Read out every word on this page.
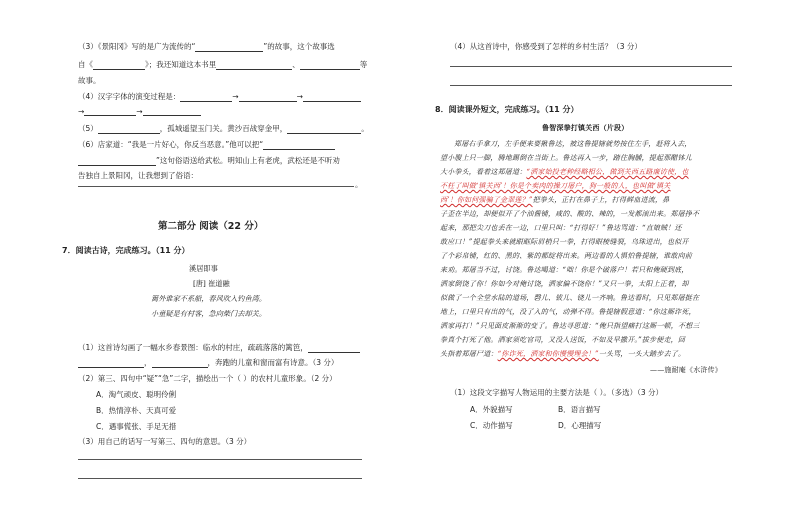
（3）《景阳冈》写的是广为流传的“	”的故事，这个故事选
自《	》；我还知道这本书里	、	等
故事。
（4）汉字字体的演变过程是：	→	→
→	→
（5）	，孤城遥望玉门关。黄沙百战穿金甲，	。
（6）店家道：“我是一片好心，你反当恶意。”他可以把“
”这句俗语送给武松。明知山上有老虎，武松还是不听劝
告独自上景阳冈，让我想到了俗语：
。
第二部分 阅读（22 分）
7．阅读古诗，完成练习。（11 分）
溪居即事
[唐] 崔道融
篱外谁家不系船，春风吹入钓鱼湾。
小童疑是有村客，急向柴门去却关。
（1）这首诗勾画了一幅水乡春景图：临水的村庄，疏疏落落的篱笆，
，	，奔跑的儿童和窗而富有诗意。（3 分）
（2）第三、四句中“疑”“急”二字，描绘出一个（ ）的农村儿童形象。（2 分）
A．淘气顽皮、聪明伶俐
B．热情淳朴、天真可爱
C．遇事慌张、手足无措
（3）用自己的话写一写第三、四句的意思。（3 分）
（4）从这首诗中，你感受到了怎样的乡村生活？（3 分）
8．阅读课外短文，完成练习。（11 分）
鲁智深拳打镇关西（片段）
郑屠右手拿刀，左手便来要揪鲁达，被这鲁提辖就势按住左手，赶将入去，
望小腹上只一脚，腾地踢倒在当街上。鲁达再入一步，踏住胸脯，提起那醋钵儿
大小拳头，看着这郑屠道：“洒家始投老种经略相公，做到关西五路廉访使，也
不枉了叫做‘镇关西’！你是个卖肉的操刀屠户，狗一般的人，也叫做‘镇关
西’！你如何强骗了金翠莲？”把拳头，正打在鼻子上，打得鲜血迸流，鼻
子歪在半边，却便似开了个油酱铺，咸的、酸的、辣的，一发都滚出来。郑屠挣不
起来，那把尖刀也丢在一边，口里只叫：“打得好！”鲁达骂道：“直娘贼！还
敢应口！”提起拳头来就眼眶际眉梢只一拳，打得眼棱缝裂，乌珠迸出，也似开
了个彩帛铺，红的、黑的、紫的都绽将出来。两边看的人惧怕鲁提辖，谁敢向前
来劝。郑屠当不过，讨饶。鲁达喝道：“咄！你是个破落户！若只和俺硬到底，
洒家倒饶了你！你如今对俺讨饶，洒家偏不饶你！”又只一拳，太阳上正着，却
似做了一个全堂水陆的道场，磬儿、钹儿、铙儿一齐响。鲁达看时，只见郑屠挺在
地上，口里只有出的气，没了入的气，动弹不得。鲁提辖假意道：“你这厮诈死，
洒家再打！”只见面皮渐渐的变了。鲁达寻思道：“俺只指望痛打这厮一顿，不想三
拳真个打死了他。洒家须吃官司，又没人送饭，不如及早撒开。”拔步便走，回
头指着郑屠尸道：“你诈死，洒家和你慢慢理会！”一头骂，一头大踏步去了。
——施耐庵《水浒传》
（1）这段文字描写人物运用的主要方法是（ ）。（多选）（3 分）
A．外貌描写	B．语言描写
C．动作描写	D．心理描写
